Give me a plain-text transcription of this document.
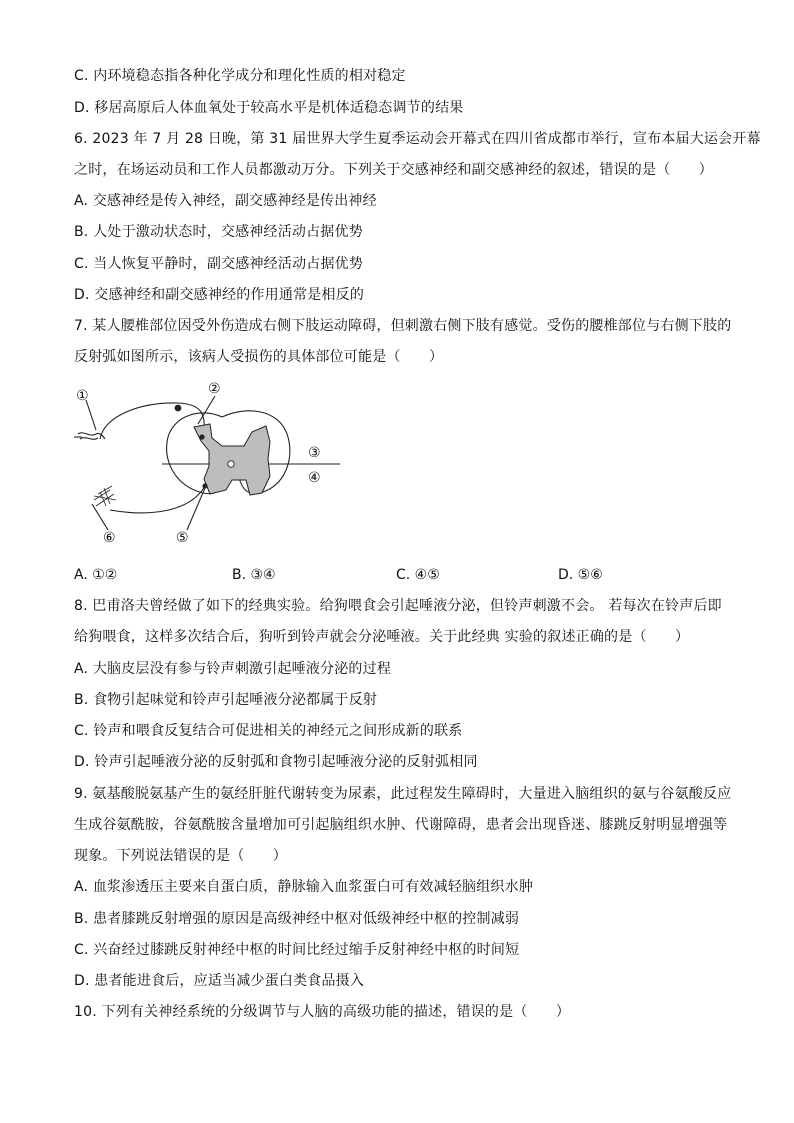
C. 内环境稳态指各种化学成分和理化性质的相对稳定
D. 移居高原后人体血氧处于较高水平是机体适稳态调节的结果
6. 2023 年 7 月 28 日晚，第 31 届世界大学生夏季运动会开幕式在四川省成都市举行，宣布本届大运会开幕
之时，在场运动员和工作人员都激动万分。下列关于交感神经和副交感神经的叙述，错误的是（　　）
A. 交感神经是传入神经，副交感神经是传出神经
B. 人处于激动状态时，交感神经活动占据优势
C. 当人恢复平静时，副交感神经活动占据优势
D. 交感神经和副交感神经的作用通常是相反的
7. 某人腰椎部位因受外伤造成右侧下肢运动障碍，但刺激右侧下肢有感觉。受伤的腰椎部位与右侧下肢的
反射弧如图所示，该病人受损伤的具体部位可能是（　　）
①	②
③
④
⑤
⑥
A. ①②	B. ③④	C. ④⑤	D. ⑤⑥
8. 巴甫洛夫曾经做了如下的经典实验。给狗喂食会引起唾液分泌，但铃声刺激不会。 若每次在铃声后即
给狗喂食，这样多次结合后，狗听到铃声就会分泌唾液。关于此经典 实验的叙述正确的是（　　）
A. 大脑皮层没有参与铃声刺激引起唾液分泌的过程
B. 食物引起味觉和铃声引起唾液分泌都属于反射
C. 铃声和喂食反复结合可促进相关的神经元之间形成新的联系
D. 铃声引起唾液分泌的反射弧和食物引起唾液分泌的反射弧相同
9. 氨基酸脱氨基产生的氨经肝脏代谢转变为尿素，此过程发生障碍时，大量进入脑组织的氨与谷氨酸反应
生成谷氨酰胺，谷氨酰胺含量增加可引起脑组织水肿、代谢障碍，患者会出现昏迷、膝跳反射明显增强等
现象。下列说法错误的是（　　）
A. 血浆渗透压主要来自蛋白质，静脉输入血浆蛋白可有效减轻脑组织水肿
B. 患者膝跳反射增强的原因是高级神经中枢对低级神经中枢的控制减弱
C. 兴奋经过膝跳反射神经中枢的时间比经过缩手反射神经中枢的时间短
D. 患者能进食后，应适当减少蛋白类食品摄入
10. 下列有关神经系统的分级调节与人脑的高级功能的描述，错误的是（　　）
